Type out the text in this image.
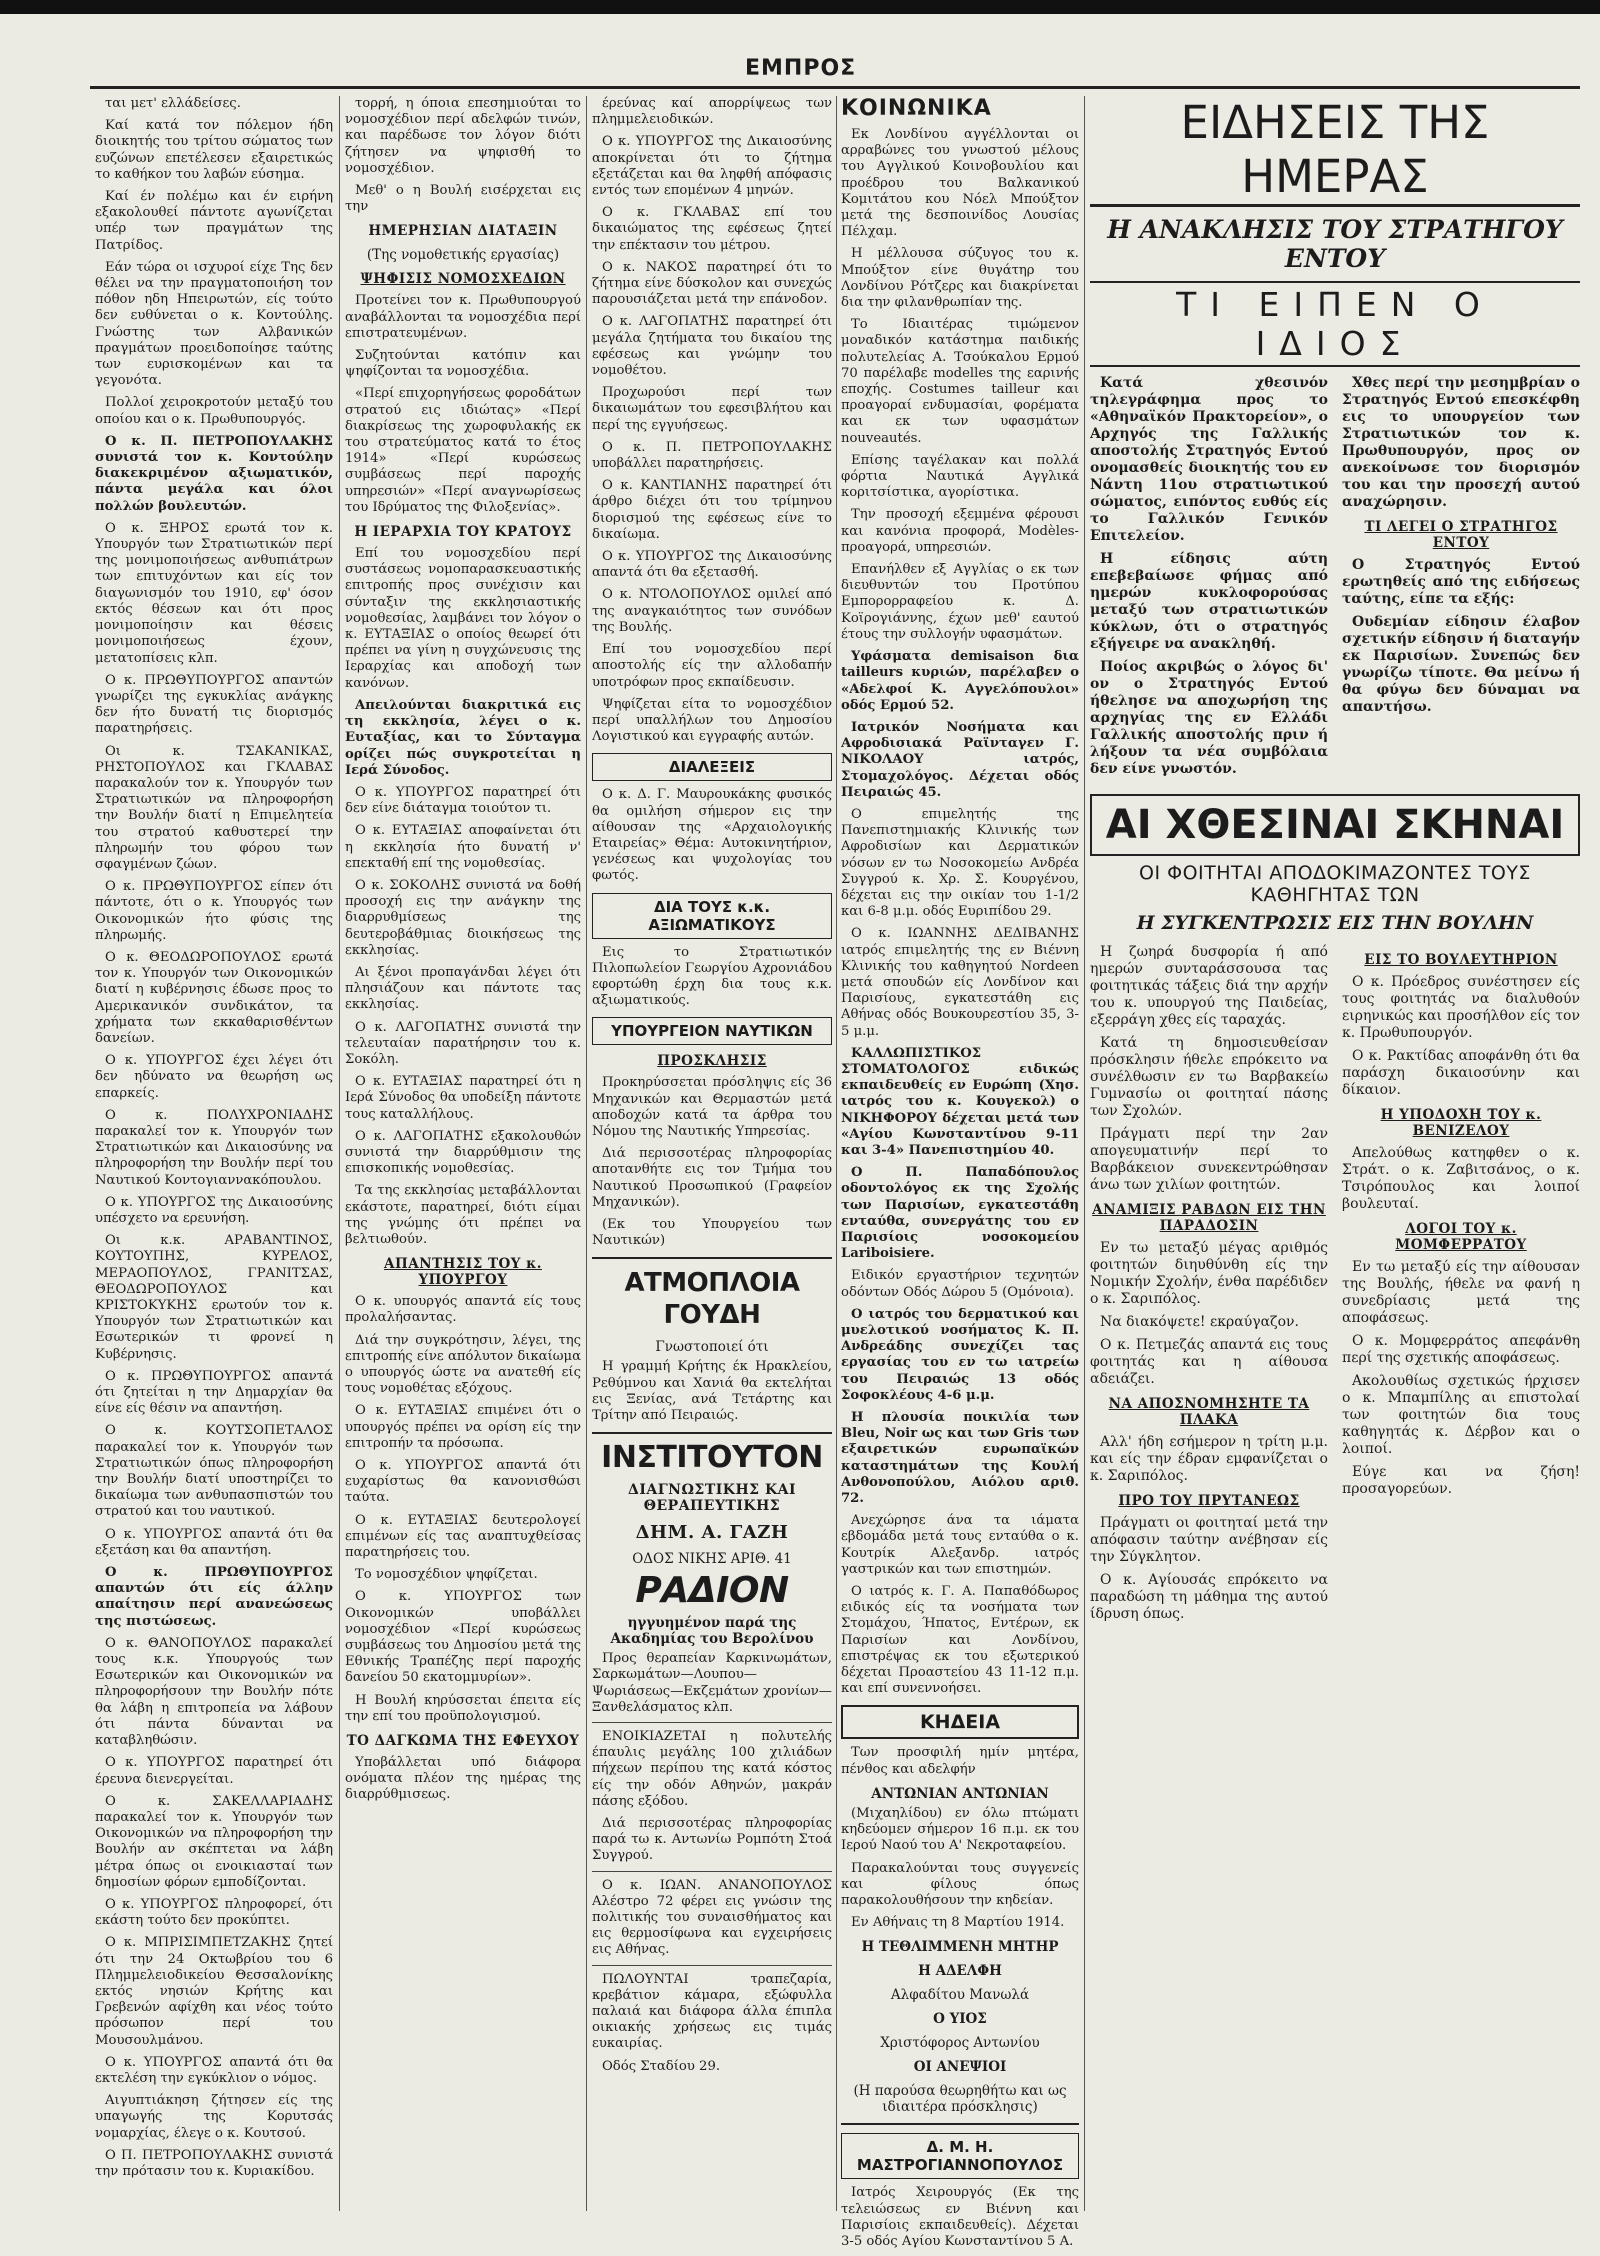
ΕΜΠΡΟΣ

ται μετ' ελλάδείσες.

Καί κατά τον πόλεμον ήδη διοικητής του τρίτου σώματος των ευζώνων επετέλεσεν εξαιρετικώς το καθήκον του λαβών εύσημα.

Καί έν πολέμω και έν ειρήνη εξακολουθεί πάντοτε αγωνίζεται υπέρ των πραγμάτων της Πατρίδος.

Εάν τώρα οι ισχυροί είχε Της δεν θέλει να την πραγματοποιήση τον πόθον ηδη Ηπειρωτών, είς τούτο δεν ευθύνεται ο κ. Κοντούλης. Γνώστης των Αλβανικών πραγμάτων προειδοποίησε ταύτης των ευρισκομένων και τα γεγονότα.

Πολλοί χειροκροτούν μεταξύ του οποίου και ο κ. Πρωθυπουργός.

Ο κ. Π. ΠΕΤΡΟΠΟΥΛΑΚΗΣ συνιστά τον κ. Κοντούλην διακεκριμένον αξιωματικόν, πάντα μεγάλα και όλοι πολλών βουλευτών.

Ο κ. ΞΗΡΟΣ ερωτά τον κ. Υπουργόν των Στρατιωτικών περί της μονιμοποιήσεως ανθυπιάτρων των επιτυχόντων και είς τον διαγωνισμόν του 1910, εφ' όσον εκτός θέσεων και ότι προς μονιμοποίησιν και θέσεις μονιμοποιήσεως έχουν, μετατοπίσεις κλπ.

Ο κ. ΠΡΩΘΥΠΟΥΡΓΟΣ απαντών γνωρίζει της εγκυκλίας ανάγκης δεν ήτο δυνατή τις διορισμός παρατηρήσεις.

Οι κ. ΤΣΑΚΑΝΙΚΑΣ, ΡΗΣΤΟΠΟΥΛΟΣ και ΓΚΛΑΒΑΣ παρακαλούν τον κ. Υπουργόν των Στρατιωτικών να πληροφορήση την Βουλήν διατί η Επιμελητεία του στρατού καθυστερεί την πληρωμήν του φόρου των σφαγμένων ζώων.

Ο κ. ΠΡΩΘΥΠΟΥΡΓΟΣ είπεν ότι πάντοτε, ότι ο κ. Υπουργός των Οικονομικών ήτο φύσις της πληρωμής.

Ο κ. ΘΕΟΔΩΡΟΠΟΥΛΟΣ ερωτά τον κ. Υπουργόν των Οικονομικών διατί η κυβέρνησις έδωσε προς το Αμερικανικόν συνδικάτον, τα χρήματα των εκκαθαρισθέντων δανείων.

Ο κ. ΥΠΟΥΡΓΟΣ έχει λέγει ότι δεν ηδύνατο να θεωρήση ως επαρκείς.

Ο κ. ΠΟΛΥΧΡΟΝΙΑΔΗΣ παρακαλεί τον κ. Υπουργόν των Στρατιωτικών και Δικαιοσύνης να πληροφορήση την Βουλήν περί του Ναυτικού Κοντογιαννακόπουλου.

Ο κ. ΥΠΟΥΡΓΟΣ της Δικαιοσύνης υπέσχετο να ερευνήση.

Οι κ.κ. ΑΡΑΒΑΝΤΙΝΟΣ, ΚΟΥΤΟΥΠΗΣ, ΚΥΡΕΛΟΣ, ΜΕΡΑΟΠΟΥΛΟΣ, ΓΡΑΝΙΤΣΑΣ, ΘΕΟΔΩΡΟΠΟΥΛΟΣ και ΚΡΙΣΤΟΚΥΚΗΣ ερωτούν τον κ. Υπουργόν των Στρατιωτικών και Εσωτερικών τι φρονεί η Κυβέρνησις.

Ο κ. ΠΡΩΘΥΠΟΥΡΓΟΣ απαντά ότι ζητείται η την Δημαρχίαν θα είνε είς θέσιν να απαντήση.

Ο κ. ΚΟΥΤΣΟΠΕΤΑΛΟΣ παρακαλεί τον κ. Υπουργόν των Στρατιωτικών όπως πληροφορήση την Βουλήν διατί υποστηρίζει το δικαίωμα των ανθυπασπιστών του στρατού και του ναυτικού.

Ο κ. ΥΠΟΥΡΓΟΣ απαντά ότι θα εξετάση και θα απαντήση.

Ο κ. ΠΡΩΘΥΠΟΥΡΓΟΣ απαντών ότι είς άλλην απαίτησιν περί ανανεώσεως της πιστώσεως.

Ο κ. ΘΑΝΟΠΟΥΛΟΣ παρακαλεί τους κ.κ. Υπουργούς των Εσωτερικών και Οικονομικών να πληροφορήσουν την Βουλήν πότε θα λάβη η επιτροπεία να λάβουν ότι πάντα δύνανται να καταβληθώσιν.

Ο κ. ΥΠΟΥΡΓΟΣ παρατηρεί ότι έρευνα διενεργείται.

Ο κ. ΣΑΚΕΛΛΑΡΙΑΔΗΣ παρακαλεί τον κ. Υπουργόν των Οικονομικών να πληροφορήση την Βουλήν αν σκέπτεται να λάβη μέτρα όπως οι ενοικιασταί των δημοσίων φόρων εμποδίζονται.

Ο κ. ΥΠΟΥΡΓΟΣ πληροφορεί, ότι εκάστη τούτο δεν προκύπτει.

Ο κ. ΜΠΡΙΣΙΜΠΕΤΖΑΚΗΣ ζητεί ότι την 24 Οκτωβρίου του 6 Πλημμελειοδικείου Θεσσαλονίκης εκτός νησιών Κρήτης και Γρεβενών αφίχθη και νέος τούτο πρόσωπον περί του Μουσουλμάνου.

Ο κ. ΥΠΟΥΡΓΟΣ απαντά ότι θα εκτελέση την εγκύκλιον ο νόμος.

Αιγυπτιάκηση ζήτησεν είς της υπαγωγής της Κορυτσάς νομαρχίας, έλεγε ο κ. Κουτσού.

Ο Π. ΠΕΤΡΟΠΟΥΛΑΚΗΣ συνιστά την πρότασιν του κ. Κυριακίδου.

τορρή, η όποια επεσημιούται το νομοσχέδιον περί αδελφών τινών, και παρέδωσε τον λόγον διότι ζήτησεν να ψηφισθή το νομοσχέδιον.

Μεθ' ο η Βουλή εισέρχεται εις την

ΗΜΕΡΗΣΙΑΝ ΔΙΑΤΑΞΙΝ
(Της νομοθετικής εργασίας)
ΨΗΦΙΣΙΣ ΝΟΜΟΣΧΕΔΙΩΝ

Προτείνει τον κ. Πρωθυπουργού αναβάλλονται τα νομοσχέδια περί επιστρατευμένων.

Συζητούνται κατόπιν και ψηφίζονται τα νομοσχέδια.

«Περί επιχορηγήσεως φοροδάτων στρατού εις ιδιώτας» «Περί διακρίσεως της χωροφυλακής εκ του στρατεύματος κατά το έτος 1914» «Περί κυρώσεως συμβάσεως περί παροχής υπηρεσιών» «Περί αναγνωρίσεως του Ιδρύματος της Φιλοξενίας».

Η ΙΕΡΑΡΧΙΑ ΤΟΥ ΚΡΑΤΟΥΣ

Επί του νομοσχεδίου περί συστάσεως νομοπαρασκευαστικής επιτροπής προς συνέχισιν και σύνταξιν της εκκλησιαστικής νομοθεσίας, λαμβάνει τον λόγον ο κ. ΕΥΤΑΞΙΑΣ ο οποίος θεωρεί ότι πρέπει να γίνη η συγχώνευσις της Ιεραρχίας και αποδοχή των κανόνων.

Απειλούνται διακριτικά εις τη εκκλησία, λέγει ο κ. Ευταξίας, και το Σύνταγμα ορίζει πώς συγκροτείται η Ιερά Σύνοδος.

Ο κ. ΥΠΟΥΡΓΟΣ παρατηρεί ότι δεν είνε διάταγμα τοιούτον τι.

Ο κ. ΕΥΤΑΞΙΑΣ αποφαίνεται ότι η εκκλησία ήτο δυνατή ν' επεκταθή επί της νομοθεσίας.

Ο κ. ΣΟΚΟΛΗΣ συνιστά να δοθή προσοχή εις την ανάγκην της διαρρυθμίσεως της δευτεροβάθμιας διοικήσεως της εκκλησίας.

Αι ξένοι προπαγάνδαι λέγει ότι πλησιάζουν και πάντοτε τας εκκλησίας.

Ο κ. ΛΑΓΟΠΑΤΗΣ συνιστά την τελευταίαν παρατήρησιν του κ. Σοκόλη.

Ο κ. ΕΥΤΑΞΙΑΣ παρατηρεί ότι η Ιερά Σύνοδος θα υποδείξη πάντοτε τους καταλλήλους.

Ο κ. ΛΑΓΟΠΑΤΗΣ εξακολουθών συνιστά την διαρρύθμισιν της επισκοπικής νομοθεσίας.

Τα της εκκλησίας μεταβάλλονται εκάστοτε, παρατηρεί, διότι είμαι της γνώμης ότι πρέπει να βελτιωθούν.

ΑΠΑΝΤΗΣΙΣ ΤΟΥ κ. ΥΠΟΥΡΓΟΥ

Ο κ. υπουργός απαντά είς τους προλαλήσαντας.

Διά την συγκρότησιν, λέγει, της επιτροπής είνε απόλυτον δικαίωμα ο υπουργός ώστε να ανατεθή είς τους νομοθέτας εξόχους.

Ο κ. ΕΥΤΑΞΙΑΣ επιμένει ότι ο υπουργός πρέπει να ορίση είς την επιτροπήν τα πρόσωπα.

Ο κ. ΥΠΟΥΡΓΟΣ απαντά ότι ευχαρίστως θα κανονισθώσι ταύτα.

Ο κ. ΕΥΤΑΞΙΑΣ δευτερολογεί επιμένων είς τας αναπτυχθείσας παρατηρήσεις του.

Το νομοσχέδιον ψηφίζεται.

Ο κ. ΥΠΟΥΡΓΟΣ των Οικονομικών υποβάλλει νομοσχέδιον «Περί κυρώσεως συμβάσεως του Δημοσίου μετά της Εθνικής Τραπέζης περί παροχής δανείου 50 εκατομμυρίων».

Η Βουλή κηρύσσεται έπειτα είς την επί του προϋπολογισμού.

ΤΟ ΔΑΓΚΩΜΑ ΤΗΣ ΕΦΕΥΧΟΥ

Υποβάλλεται υπό διάφορα ονόματα πλέον της ημέρας της διαρρύθμισεως.

έρεύνας καί απορρίψεως των πλημμελειοδικών.

Ο κ. ΥΠΟΥΡΓΟΣ της Δικαιοσύνης αποκρίνεται ότι το ζήτημα εξετάζεται και θα ληφθή απόφασις εντός των επομένων 4 μηνών.

Ο κ. ΓΚΛΑΒΑΣ επί του δικαιώματος της εφέσεως ζητεί την επέκτασιν του μέτρου.

Ο κ. ΝΑΚΟΣ παρατηρεί ότι το ζήτημα είνε δύσκολον και συνεχώς παρουσιάζεται μετά την επάνοδον.

Ο κ. ΛΑΓΟΠΑΤΗΣ παρατηρεί ότι μεγάλα ζητήματα του δικαίου της εφέσεως και γνώμην του νομοθέτου.

Προχωρούσι περί των δικαιωμάτων του εφεσιβλήτου και περί της εγγυήσεως.

Ο κ. Π. ΠΕΤΡΟΠΟΥΛΑΚΗΣ υποβάλλει παρατηρήσεις.

Ο κ. ΚΑΝΤΙΑΝΗΣ παρατηρεί ότι άρθρο διέχει ότι του τρίμηνου διορισμού της εφέσεως είνε το δικαίωμα.

Ο κ. ΥΠΟΥΡΓΟΣ της Δικαιοσύνης απαντά ότι θα εξετασθή.

Ο κ. ΝΤΟΛΟΠΟΥΛΟΣ ομιλεί από της αναγκαιότητος των συνόδων της Βουλής.

Επί του νομοσχεδίου περί αποστολής είς την αλλοδαπήν υποτρόφων προς εκπαίδευσιν.

Ψηφίζεται είτα το νομοσχέδιον περί υπαλλήλων του Δημοσίου Λογιστικού και εγγραφής αυτών.

ΔΙΑΛΕΞΕΙΣ

Ο κ. Δ. Γ. Μαυρουκάκης φυσικός θα ομιλήση σήμερον εις την αίθουσαν της «Αρχαιολογικής Εταιρείας» Θέμα: Αυτοκινητήριον, γενέσεως και ψυχολογίας του φωτός.

ΔΙΑ ΤΟΥΣ κ.κ. ΑΞΙΩΜΑΤΙΚΟΥΣ

Εις το Στρατιωτικόν Πιλοπωλείον Γεωργίου Αχρονιάδου εφορτώθη έρχη δια τους κ.κ. αξιωματικούς.

ΥΠΟΥΡΓΕΙΟΝ ΝΑΥΤΙΚΩΝ
ΠΡΟΣΚΛΗΣΙΣ

Προκηρύσσεται πρόσληψις είς 36 Μηχανικών και Θερμαστών μετά αποδοχών κατά τα άρθρα του Νόμου της Ναυτικής Υπηρεσίας.

Διά περισσοτέρας πληροφορίας αποτανθήτε εις τον Τμήμα του Ναυτικού Προσωπικού (Γραφείον Μηχανικών).

(Εκ του Υπουργείου των Ναυτικών)

ΑΤΜΟΠΛΟΙΑ ΓΟΥΔΗ
Γνωστοποιεί ότι

Η γραμμή Κρήτης έκ Ηρακλείου, Ρεθύμνου και Χανιά θα εκτελήται εις Ξενίας, ανά Τετάρτης και Τρίτην από Πειραιώς.

ΙΝΣΤΙΤΟΥΤΟΝ
ΔΙΑΓΝΩΣΤΙΚΗΣ ΚΑΙ ΘΕΡΑΠΕΥΤΙΚΗΣ
ΔΗΜ. Α. ΓΑΖΗ
ΟΔΟΣ ΝΙΚΗΣ ΑΡΙΘ. 41
ΡΑΔΙΟΝ
ηγγυημένον παρά της Ακαδημίας του Βερολίνου

Προς θεραπείαν Καρκινωμάτων, Σαρκωμάτων—Λουπου—Ψωριάσεως—Εκζεμάτων χρονίων—Ξανθελάσματος κλπ.

ΕΝΟΙΚΙΑΖΕΤΑΙ η πολυτελής έπαυλις μεγάλης 100 χιλιάδων πήχεων περίπου της κατά κόστος είς την οδόν Αθηνών, μακράν πάσης εξόδου.

Διά περισσοτέρας πληροφορίας παρά τω κ. Αντωνίω Ρομπότη Στοά Συγγρού.

Ο κ. ΙΩΑΝ. ΑΝΑΝΟΠΟΥΛΟΣ Αλέστρο 72 φέρει εις γνώσιν της πολιτικής του συναισθήματος και εις θερμοσίφωνα και εγχειρήσεις εις Αθήνας.

ΠΩΛΟΥΝΤΑΙ τραπεζαρία, κρεβάτιον κάμαρα, εξώφυλλα παλαιά και διάφορα άλλα έπιπλα οικιακής χρήσεως εις τιμάς ευκαιρίας.

Οδός Σταδίου 29.

ΚΟΙΝΩΝΙΚΑ

Εκ Λονδίνου αγγέλλονται οι αρραβώνες του γνωστού μέλους του Αγγλικού Κοινοβουλίου και προέδρου του Βαλκανικού Κομιτάτου κου Νόελ Μπούξτον μετά της δεσποινίδος Λουσίας Πέλχαμ.

Η μέλλουσα σύζυγος του κ. Μπούξτον είνε θυγάτηρ του Λονδίνου Ρότζερς και διακρίνεται δια την φιλανθρωπίαν της.

Το Ιδιαιτέρας τιμώμενον μοναδικόν κατάστημα παιδικής πολυτελείας Α. Τσούκαλου Ερμού 70 παρέλαβε modelles της εαρινής εποχής. Costumes tailleur και προαγοραί ενδυμασίαι, φορέματα και εκ των υφασμάτων nouveautés.

Επίσης ταγέλακαν και πολλά φόρτια Ναυτικά Αγγλικά κοριτσίστικα, αγορίστικα.

Την προσοχή εξεμμένα φέρουσι και κανόνια προφορά, Modèles-προαγορά, υπηρεσιών.

Επανήλθεν εξ Αγγλίας ο εκ των διευθυντών του Προτύπου Εμπορορραφείου κ. Δ. Κοϊρογιάννης, έχων μεθ' εαυτού έτους την συλλογήν υφασμάτων.

Υφάσματα demisaison δια tailleurs κυριών, παρέλαβεν ο «Αδελφοί Κ. Αγγελόπουλοι» οδός Ερμού 52.

Ιατρικόν Νοσήματα και Αφροδισιακά Ραϊνταγεν Γ. ΝΙΚΟΛΑΟΥ ιατρός, Στομαχολόγος. Δέχεται οδός Πειραιώς 45.

Ο επιμελητής της Πανεπιστημιακής Κλινικής των Αφροδισίων και Δερματικών νόσων εν τω Νοσοκομείω Ανδρέα Συγγρού κ. Χρ. Σ. Κουργένου, δέχεται εις την οικίαν του 1-1/2 και 6-8 μ.μ. οδός Ευριπίδου 29.

Ο κ. ΙΩΑΝΝΗΣ ΔΕΔΙΒΑΝΗΣ ιατρός επιμελητής της εν Βιέννη Κλινικής του καθηγητού Nordeen μετά σπουδών είς Λονδίνον και Παρισίους, εγκατεστάθη εις Αθήνας οδός Βουκουρεστίου 35, 3-5 μ.μ.

ΚΑΛΛΩΠΙΣΤΙΚΟΣ ΣΤΟΜΑΤΟΛΟΓΟΣ ειδικώς εκπαιδευθείς εν Ευρώπη (Χησ. ιατρός του κ. Κουγεκολ) ο ΝΙΚΗΦΟΡΟΥ δέχεται μετά των «Αγίου Κωνσταντίνου 9-11 και 3-4» Πανεπιστημίου 40.

Ο Π. Παπαδόπουλος οδοντολόγος εκ της Σχολής των Παρισίων, εγκατεστάθη ενταύθα, συνεργάτης του εν Παρισίοις νοσοκομείου Lariboisiere.

Ειδικόν εργαστήριον τεχνητών οδόντων Οδός Δώρου 5 (Ομόνοια).

Ο ιατρός του δερματικού και μυελοτικού νοσήματος Κ. Π. Ανδρεάδης συνεχίζει τας εργασίας του εν τω ιατρείω του Πειραιώς 13 οδός Σοφοκλέους 4-6 μ.μ.

Η πλουσία ποικιλία των Bleu, Noir ως και των Gris των εξαιρετικών ευρωπαϊκών καταστημάτων της Κουλή Ανθονοπούλου, Αιόλου αριθ. 72.

Ανεχώρησε άνα τα ιάματα εβδομάδα μετά τους ενταύθα ο κ. Κουτρίκ Αλεξανδρ. ιατρός γαστρικών και των επιστημών.

Ο ιατρός κ. Γ. Α. Παπαθόδωρος ειδικός είς τα νοσήματα των Στομάχου, Ήπατος, Εντέρων, εκ Παρισίων και Λονδίνου, επιστρέψας εκ του εξωτερικού δέχεται Προαστείου 43 11-12 π.μ. και επί συνεννοήσει.

ΚΗΔΕΙΑ

Των προσφιλή ημίν μητέρα, πένθος και αδελφήν

ΑΝΤΩΝΙΑΝ ΑΝΤΩΝΙΑΝ

(Μιχαηλίδου) εν όλω πτώματι κηδεύομεν σήμερον 16 π.μ. εκ του Ιερού Ναού του Α' Νεκροταφείου.

Παρακαλούνται τους συγγενείς και φίλους όπως παρακολουθήσουν την κηδείαν.

Εν Αθήναις τη 8 Μαρτίου 1914.

Η ΤΕΘΛΙΜΜΕΝΗ ΜΗΤΗΡ
Η ΑΔΕΛΦΗ
Αλφαδίτου Μανωλά
Ο ΥΙΟΣ
Χριστόφορος Αντωνίου
ΟΙ ΑΝΕΨΙΟΙ
(Η παρούσα θεωρηθήτω και ως ιδιαιτέρα πρόσκλησις)
Δ. Μ. Η. ΜΑΣΤΡΟΓΙΑΝΝΟΠΟΥΛΟΣ

Ιατρός Χειρουργός (Εκ της τελειώσεως εν Βιέννη και Παρισίοις εκπαιδευθείς). Δέχεται 3-5 οδός Αγίου Κωνσταντίνου 5 Α.

ΕΙΔΗΣΕΙΣ ΤΗΣ ΗΜΕΡΑΣ
Η ΑΝΑΚΛΗΣΙΣ ΤΟΥ ΣΤΡΑΤΗΓΟΥ ΕΝΤΟΥ
ΤΙ ΕΙΠΕΝ Ο ΙΔΙΟΣ

Κατά χθεσινόν τηλεγράφημα προς το «Αθηναϊκόν Πρακτορείον», ο Αρχηγός της Γαλλικής αποστολής Στρατηγός Εντού ονομασθείς διοικητής του εν Νάντη 11ου στρατιωτικού σώματος, ειπόντος ευθύς είς το Γαλλικόν Γενικόν Επιτελείον.

Η είδησις αύτη επεβεβαίωσε φήμας από ημερών κυκλοφορούσας μεταξύ των στρατιωτικών κύκλων, ότι ο στρατηγός εξήγειρε να ανακληθή.

Ποίος ακριβώς ο λόγος δι' ον ο Στρατηγός Εντού ήθελησε να αποχωρήση της αρχηγίας της εν Ελλάδι Γαλλικής αποστολής πριν ή λήξουν τα νέα συμβόλαια δεν είνε γνωστόν.

Χθες περί την μεσημβρίαν ο Στρατηγός Εντού επεσκέφθη εις το υπουργείον των Στρατιωτικών τον κ. Πρωθυπουργόν, προς ον ανεκοίνωσε τον διορισμόν του και την προσεχή αυτού αναχώρησιν.

ΤΙ ΛΕΓΕΙ Ο ΣΤΡΑΤΗΓΟΣ ΕΝΤΟΥ

Ο Στρατηγός Εντού ερωτηθείς από της ειδήσεως ταύτης, είπε τα εξής:

Ουδεμίαν είδησιν έλαβον σχετικήν είδησιν ή διαταγήν εκ Παρισίων. Συνεπώς δεν γνωρίζω τίποτε. Θα μείνω ή θα φύγω δεν δύναμαι να απαντήσω.

ΑΙ ΧΘΕΣΙΝΑΙ ΣΚΗΝΑΙ
ΟΙ ΦΟΙΤΗΤΑΙ ΑΠΟΔΟΚΙΜΑΖΟΝΤΕΣ ΤΟΥΣ ΚΑΘΗΓΗΤΑΣ ΤΩΝ
Η ΣΥΓΚΕΝΤΡΩΣΙΣ ΕΙΣ ΤΗΝ ΒΟΥΛΗΝ

Η ζωηρά δυσφορία ή από ημερών συνταράσσουσα τας φοιτητικάς τάξεις διά την αρχήν του κ. υπουργού της Παιδείας, εξερράγη χθες είς ταραχάς.

Κατά τη δημοσιευθείσαν πρόσκλησιν ήθελε επρόκειτο να συνέλθωσιν εν τω Βαρβακείω Γυμνασίω οι φοιτηταί πάσης των Σχολών.

Πράγματι περί την 2αν απογευματινήν περί το Βαρβάκειον συνεκεντρώθησαν άνω των χιλίων φοιτητών.

ΑΝΑΜΙΞΙΣ ΡΑΒΔΩΝ ΕΙΣ ΤΗΝ ΠΑΡΑΔΟΣΙΝ

Εν τω μεταξύ μέγας αριθμός φοιτητών διηυθύνθη είς την Νομικήν Σχολήν, ένθα παρέδιδεν ο κ. Σαριπόλος.

Να διακόψετε! εκραύγαζον.

Ο κ. Πετμεζάς απαντά εις τους φοιτητάς και η αίθουσα αδειάζει.

ΝΑ ΑΠΟΣΝΟΜΗΣΗΤΕ ΤΑ ΠΛΑΚΑ

Αλλ' ήδη εσήμερον η τρίτη μ.μ. και είς την έδραν εμφανίζεται ο κ. Σαριπόλος.

ΠΡΟ ΤΟΥ ΠΡΥΤΑΝΕΩΣ

Πράγματι οι φοιτηταί μετά την απόφασιν ταύτην ανέβησαν είς την Σύγκλητον.

Ο κ. Αγίουσάς επρόκειτο να παραδώση τη μάθημα της αυτού ίδρυση όπως.

ΕΙΣ ΤΟ ΒΟΥΛΕΥΤΗΡΙΟΝ

Ο κ. Πρόεδρος συνέστησεν είς τους φοιτητάς να διαλυθούν ειρηνικώς και προσήλθον είς τον κ. Πρωθυπουργόν.

Ο κ. Ρακτίδας αποφάνθη ότι θα παράσχη δικαιοσύνην και δίκαιον.

Η ΥΠΟΔΟΧΗ ΤΟΥ κ. ΒΕΝΙΖΕΛΟΥ

Απελούθως κατηφθεν ο κ. Στράτ. ο κ. Ζαβιτσάνος, ο κ. Τσιρόπουλος και λοιποί βουλευταί.

ΛΟΓΟΙ ΤΟΥ κ. ΜΟΜΦΕΡΡΑΤΟΥ

Εν τω μεταξύ είς την αίθουσαν της Βουλής, ήθελε να φανή η συνεδρίασις μετά της αποφάσεως.

Ο κ. Μομφερράτος απεφάνθη περί της σχετικής αποφάσεως.

Ακολουθίως σχετικώς ήρχισεν ο κ. Μπαμπίλης αι επιστολαί των φοιτητών δια τους καθηγητάς κ. Δέρβον και ο λοιποί.

Εύγε και να ζήση! προσαγορεύων.
